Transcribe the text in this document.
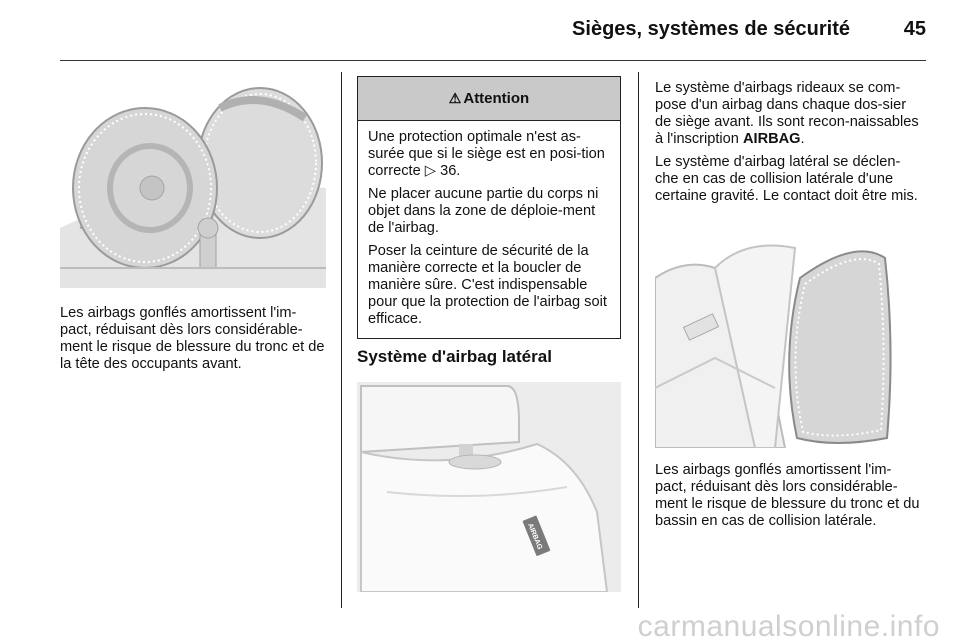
Sièges, systèmes de sécurité	45

Les airbags gonflés amortissent l'im-pact, réduisant dès lors considérable-ment le risque de blessure du tronc et de la tête des occupants avant.

⚠ Attention

Une protection optimale n'est as-surée que si le siège est en posi-tion correcte ▷ 36.

Ne placer aucune partie du corps ni objet dans la zone de déploie-ment de l'airbag.

Poser la ceinture de sécurité de la manière correcte et la boucler de manière sûre. C'est indispensable pour que la protection de l'airbag soit efficace.

Système d'airbag latéral
AIRBAG

Le système d'airbags rideaux se com-pose d'un airbag dans chaque dos-sier de siège avant. Ils sont recon-naissables à l'inscription AIRBAG.

Le système d'airbag latéral se déclen-che en cas de collision latérale d'une certaine gravité. Le contact doit être mis.

Les airbags gonflés amortissent l'im-pact, réduisant dès lors considérable-ment le risque de blessure du tronc et du bassin en cas de collision latérale.

carmanualsonline.info
